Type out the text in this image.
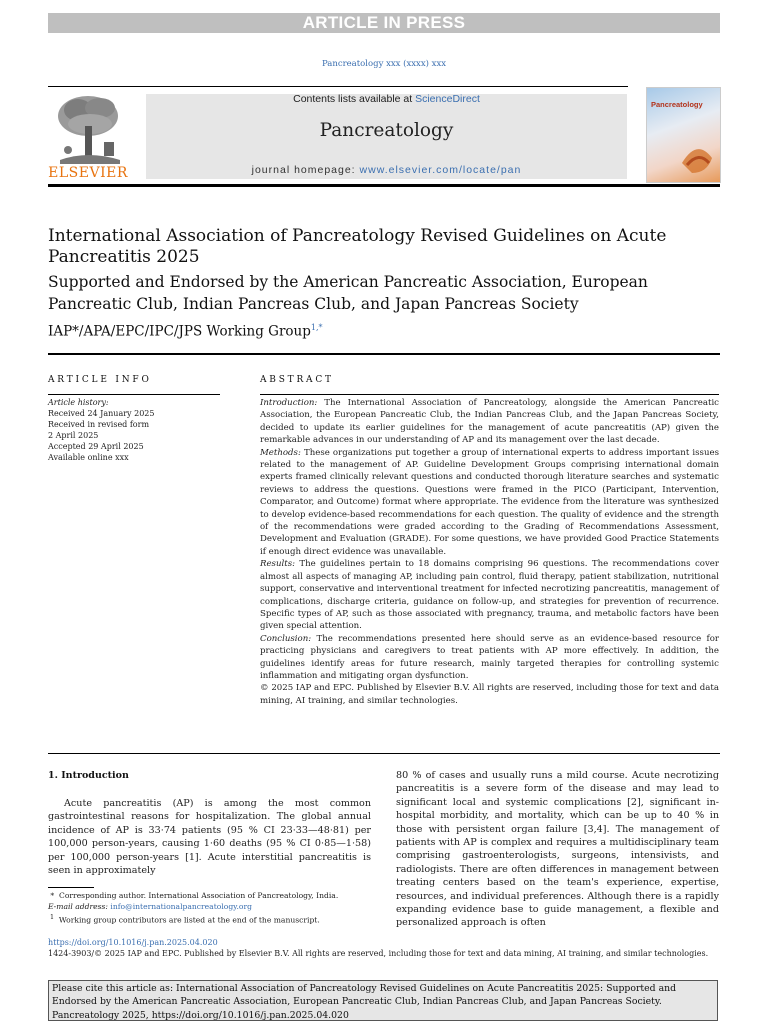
ARTICLE IN PRESS
Pancreatology xxx (xxxx) xxx
ELSEVIER
Contents lists available at ScienceDirect
Pancreatology
journal homepage: www.elsevier.com/locate/pan
Pancreatology
International Association of Pancreatology Revised Guidelines on Acute Pancreatitis 2025
Supported and Endorsed by the American Pancreatic Association, European Pancreatic Club, Indian Pancreas Club, and Japan Pancreas Society
IAP*/APA/EPC/IPC/JPS Working Group$^{1,*}$
ARTICLE INFO	ABSTRACT
Article history:
Received 24 January 2025
Received in revised form
2 April 2025
Accepted 29 April 2025
Available online xxx

Introduction: The International Association of Pancreatology, alongside the American Pancreatic Association, the European Pancreatic Club, the Indian Pancreas Club, and the Japan Pancreas Society, decided to update its earlier guidelines for the management of acute pancreatitis (AP) given the remarkable advances in our understanding of AP and its management over the last decade.

Methods: These organizations put together a group of international experts to address important issues related to the management of AP. Guideline Development Groups comprising international domain experts framed clinically relevant questions and conducted thorough literature searches and systematic reviews to address the questions. Questions were framed in the PICO (Participant, Intervention, Comparator, and Outcome) format where appropriate. The evidence from the literature was synthesized to develop evidence-based recommendations for each question. The quality of evidence and the strength of the recommendations were graded according to the Grading of Recommendations Assessment, Development and Evaluation (GRADE). For some questions, we have provided Good Practice Statements if enough direct evidence was unavailable.

Results: The guidelines pertain to 18 domains comprising 96 questions. The recommendations cover almost all aspects of managing AP, including pain control, fluid therapy, patient stabilization, nutritional support, conservative and interventional treatment for infected necrotizing pancreatitis, management of complications, discharge criteria, guidance on follow-up, and strategies for prevention of recurrence. Specific types of AP, such as those associated with pregnancy, trauma, and metabolic factors have been given special attention.

Conclusion: The recommendations presented here should serve as an evidence-based resource for practicing physicians and caregivers to treat patients with AP more effectively. In addition, the guidelines identify areas for future research, mainly targeted therapies for controlling systemic inflammation and mitigating organ dysfunction.

© 2025 IAP and EPC. Published by Elsevier B.V. All rights are reserved, including those for text and data mining, AI training, and similar technologies.

1. Introduction

Acute pancreatitis (AP) is among the most common gastrointestinal reasons for hospitalization. The global annual incidence of AP is 33·74 patients (95 % CI 23·33—48·81) per 100,000 person-years, causing 1·60 deaths (95 % CI 0·85—1·58) per 100,000 person-years [1]. Acute interstitial pancreatitis is seen in approximately

80 % of cases and usually runs a mild course. Acute necrotizing pancreatitis is a severe form of the disease and may lead to significant local and systemic complications [2], significant in-hospital morbidity, and mortality, which can be up to 40 % in those with persistent organ failure [3,4]. The management of patients with AP is complex and requires a multidisciplinary team comprising gastroenterologists, surgeons, intensivists, and radiologists. There are often differences in management between treating centers based on the team's experience, expertise, resources, and individual preferences. Although there is a rapidly expanding evidence base to guide management, a flexible and personalized approach is often

*  Corresponding author. International Association of Pancreatology, India.
E-mail address: info@internationalpancreatology.org
$^1$ Working group contributors are listed at the end of the manuscript.
https://doi.org/10.1016/j.pan.2025.04.020
1424-3903/© 2025 IAP and EPC. Published by Elsevier B.V. All rights are reserved, including those for text and data mining, AI training, and similar technologies.
Please cite this article as: International Association of Pancreatology Revised Guidelines on Acute Pancreatitis 2025: Supported and Endorsed by the American Pancreatic Association, European Pancreatic Club, Indian Pancreas Club, and Japan Pancreas Society. Pancreatology 2025, https://doi.org/10.1016/j.pan.2025.04.020
